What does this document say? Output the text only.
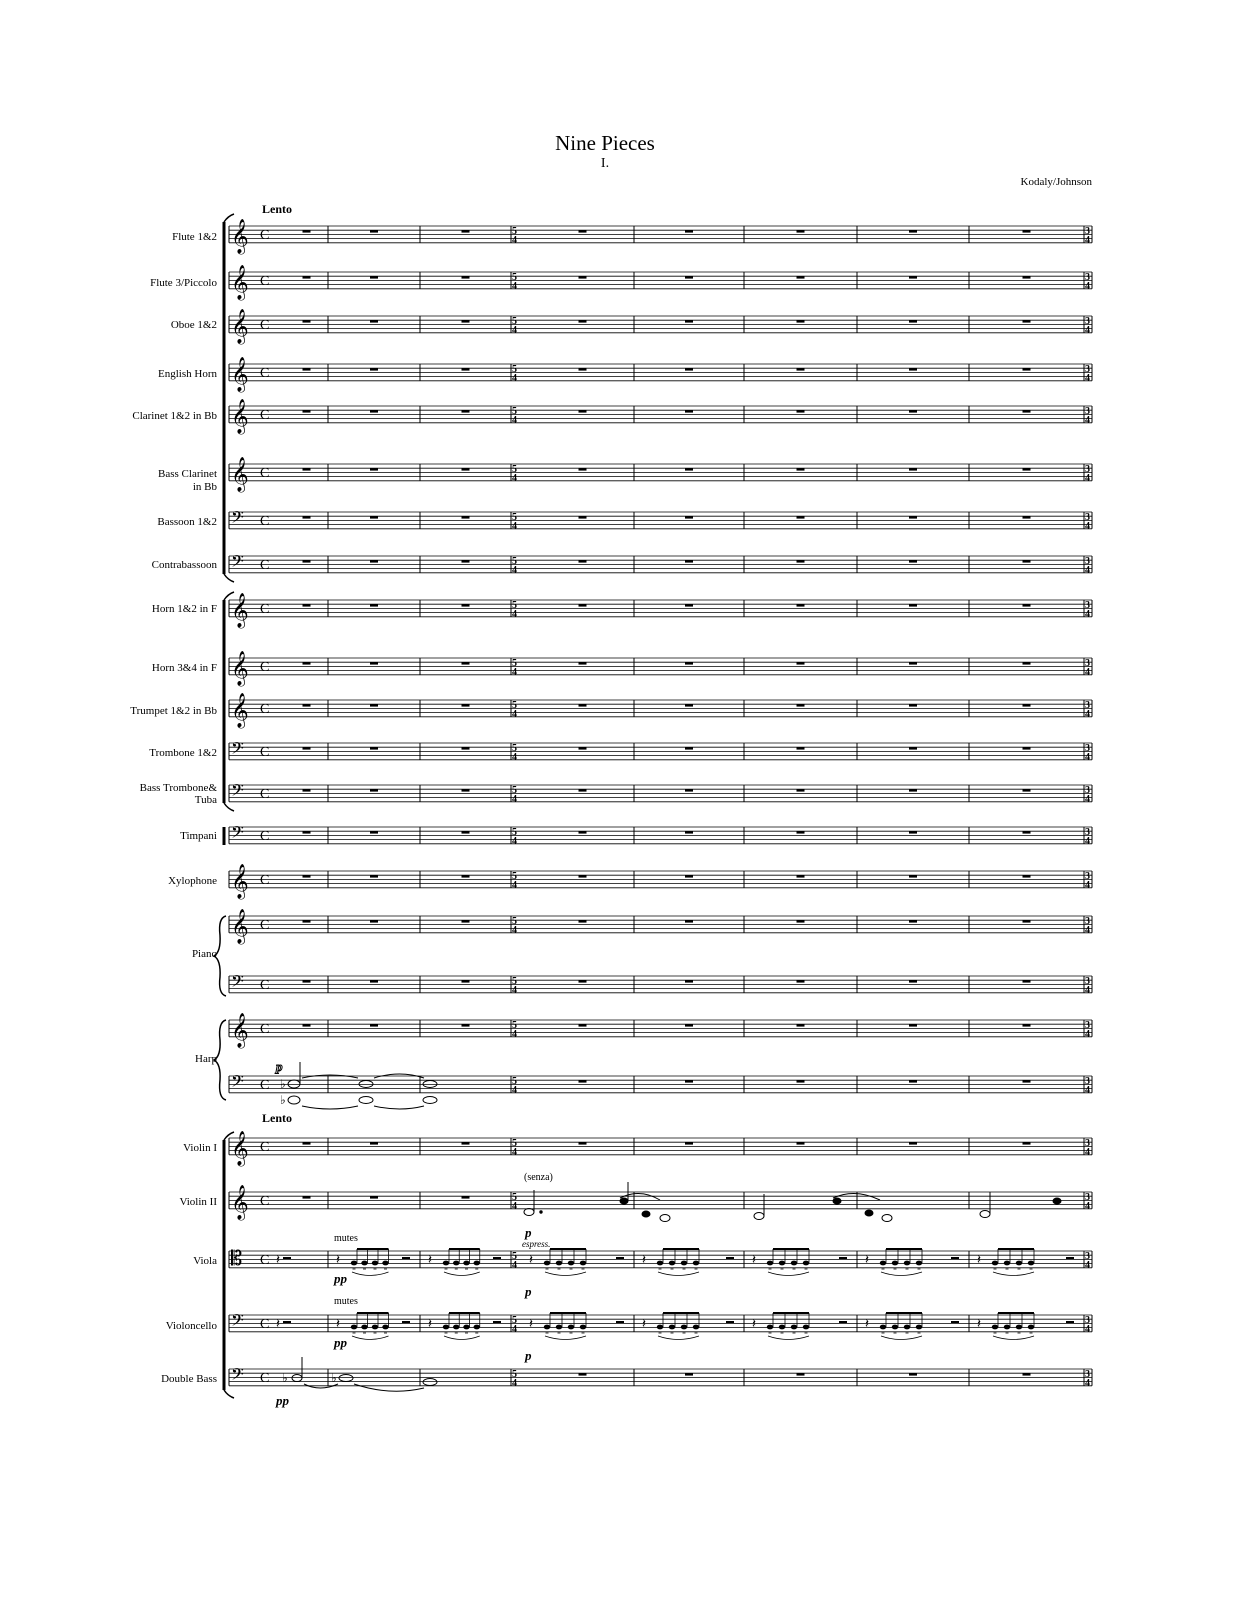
Nine Pieces
I.
Kodaly/Johnson
Lento
Lento
Flute 1&2
Flute 3/Piccolo
Oboe 1&2
English Horn
Clarinet 1&2 in Bb
Bass Clarinet
in Bb
Bassoon 1&2
Contrabassoon
Horn 1&2 in F
Horn 3&4 in F
Trumpet 1&2 in Bb
Trombone 1&2
Bass Trombone&
Tuba
Timpani
Xylophone
Piano
Harp
Violin I
Violin II
Viola
Violoncello
Double Bass
𝄞
𝄞
𝄞
𝄞
𝄞
𝄞
𝄢
𝄢
𝄞
𝄞
𝄞
𝄢
𝄢
𝄢
𝄞
𝄞
𝄢
𝄞
𝄢
𝄞
𝄞
𝄡
𝄢
𝄢
C	5
4
3
4
C	5
4
3
4
C	5
4
3
4
C	5
4
3
4
C	5
4
3
4
C	5
4
3
4
C	5
4
3
4
C	5
4
3
4
C	5
4
3
4
C	5
4
3
4
C	5
4
3
4
C	5
4
3
4
C	5
4
3
4
C	5
4
3
4
C	5
4
3
4
C	5
4
3
4
C	5
4
3
4
C	5
4
3
4
C	5
4
3
4
C	5
4
3
4
C	5
4
3
4
C	5
4
3
4
C	5
4
3
4
C	5
4
3
4
p
♭
♭
(senza)
p
espress.
𝄽	𝄽	𝄽	𝄽	𝄽	𝄽	𝄽	𝄽
𝄽	𝄽	𝄽	𝄽	𝄽	𝄽	𝄽	𝄽
mutes
mutes
pp
pp
p
p
♭	♭
pp
